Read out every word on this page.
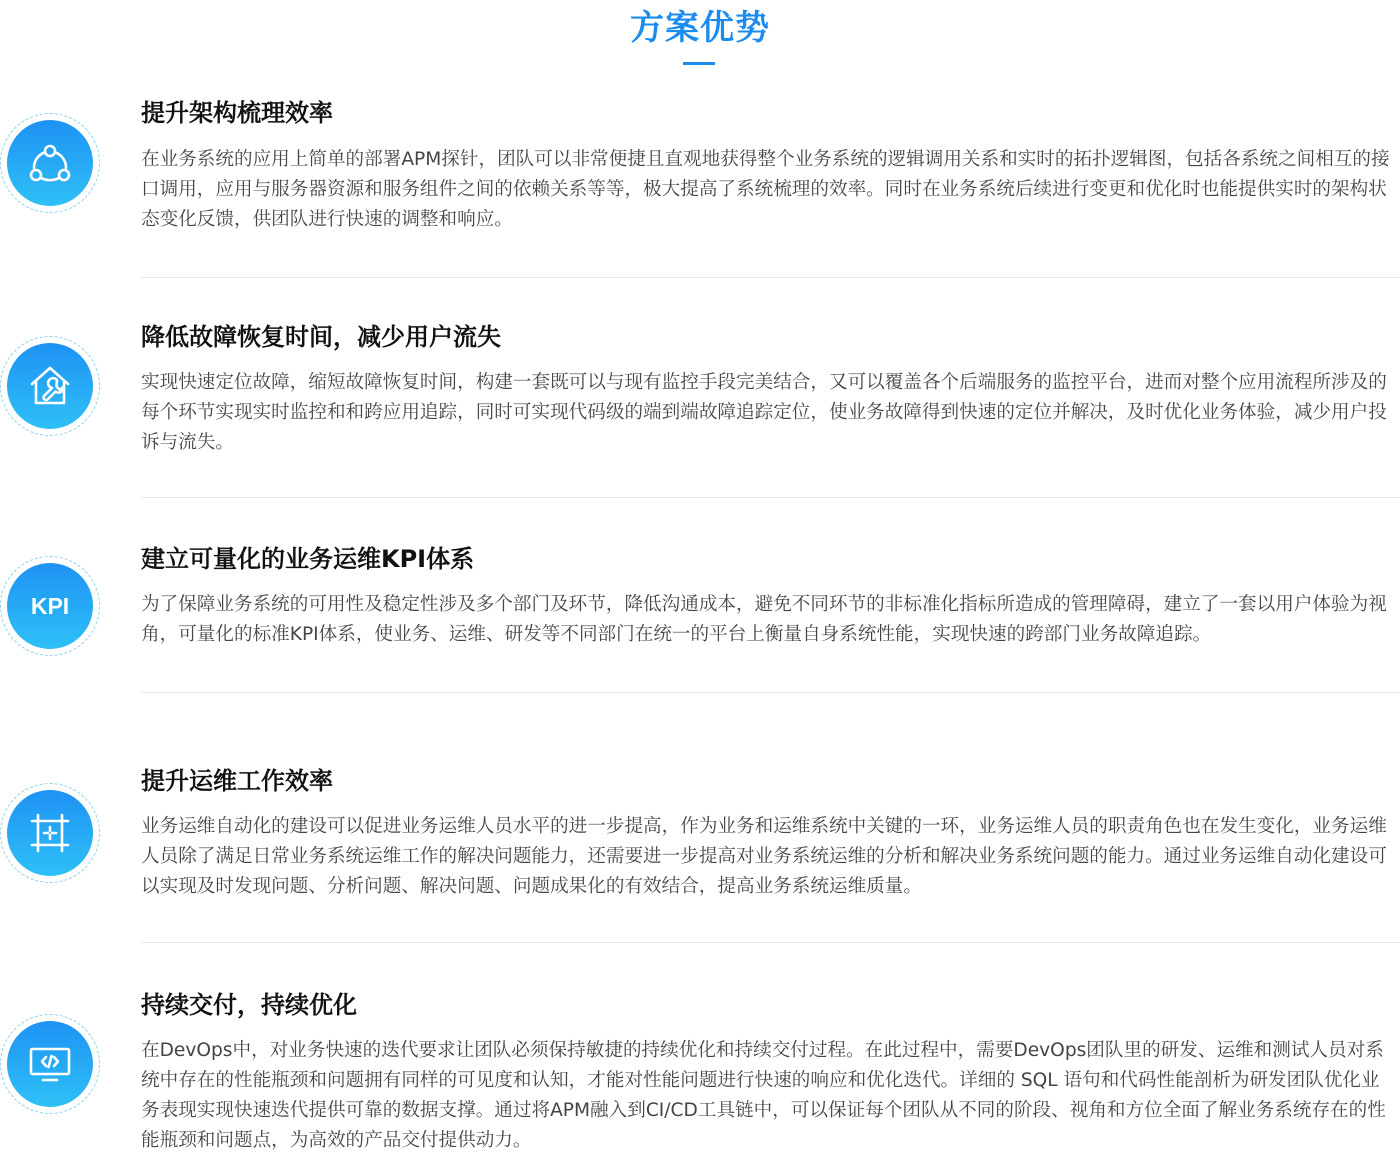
方案优势
提升架构梳理效率
在业务系统的应用上简单的部署APM探针，团队可以非常便捷且直观地获得整个业务系统的逻辑调用关系和实时的拓扑逻辑图，包括各系统之间相互的接口调用，应用与服务器资源和服务组件之间的依赖关系等等，极大提高了系统梳理的效率。同时在业务系统后续进行变更和优化时也能提供实时的架构状态变化反馈，供团队进行快速的调整和响应。
降低故障恢复时间，减少用户流失
实现快速定位故障，缩短故障恢复时间，构建一套既可以与现有监控手段完美结合，又可以覆盖各个后端服务的监控平台，进而对整个应用流程所涉及的每个环节实现实时监控和和跨应用追踪，同时可实现代码级的端到端故障追踪定位，使业务故障得到快速的定位并解决，及时优化业务体验，减少用户投诉与流失。
KPI
建立可量化的业务运维KPI体系
为了保障业务系统的可用性及稳定性涉及多个部门及环节，降低沟通成本，避免不同环节的非标准化指标所造成的管理障碍，建立了一套以用户体验为视角，可量化的标准KPI体系，使业务、运维、研发等不同部门在统一的平台上衡量自身系统性能，实现快速的跨部门业务故障追踪。
提升运维工作效率
业务运维自动化的建设可以促进业务运维人员水平的进一步提高，作为业务和运维系统中关键的一环，业务运维人员的职责角色也在发生变化，业务运维人员除了满足日常业务系统运维工作的解决问题能力，还需要进一步提高对业务系统运维的分析和解决业务系统问题的能力。通过业务运维自动化建设可以实现及时发现问题、分析问题、解决问题、问题成果化的有效结合，提高业务系统运维质量。
持续交付，持续优化
在DevOps中，对业务快速的迭代要求让团队必须保持敏捷的持续优化和持续交付过程。在此过程中，需要DevOps团队里的研发、运维和测试人员对系统中存在的性能瓶颈和问题拥有同样的可见度和认知，才能对性能问题进行快速的响应和优化迭代。详细的 SQL 语句和代码性能剖析为研发团队优化业务表现实现快速迭代提供可靠的数据支撑。通过将APM融入到CI/CD工具链中，可以保证每个团队从不同的阶段、视角和方位全面了解业务系统存在的性能瓶颈和问题点，为高效的产品交付提供动力。
